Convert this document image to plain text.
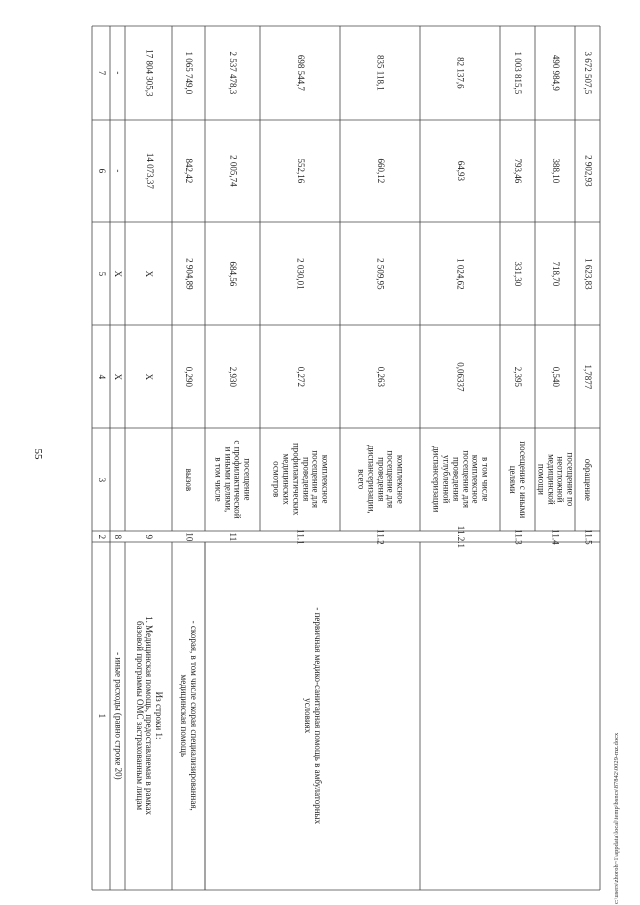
55
7
6
5
4
3
2
1
-
-
X
X
8
- иные расходы (равно строке 20)
17 804 305,3
14 073,37
X
X
9
Из строки 1:
1. Медицинская помощь, предоставляемая в рамках
базовой программы ОМС застрахованным лицам
1 065 749,0
842,42
2 904,89
0,290
вызов
10
- скорая, в том числе скорая специализированная,
медицинская помощь
2 537 478,3
2 005,74
684,56
2,930
посещение
с профилактической
и иными целями,
в том числе
11
698 544,7
552,16
2 030,01
0,272
комплексное
посещение для
проведения
профилактических
медицинских
осмотров
11.1
835 118,1
660,12
2 509,95
0,263
комплексное
посещение для
проведения
диспансеризации,
всего
11.2
82 137,6
64,93
1 024,62
0,06337
в том числе
комплексное
посещение для
проведения
углубленной
диспансеризации
11.2.1
- первичная медико-санитарная помощь в амбулаторных
условиях
1 003 815,5
793,46
331,30
2,395
посещение с иными
целями
11.3
490 984,9
388,10
718,70
0,540
посещение по
неотложной
медицинской
помощи
11.4
3 672 507,5
2 902,93
1 623,83
1,7877
обращение
11.5
c:\users\zhoroh~1\appdata\local\temp\bsncs\87842\0029-mz.docx
